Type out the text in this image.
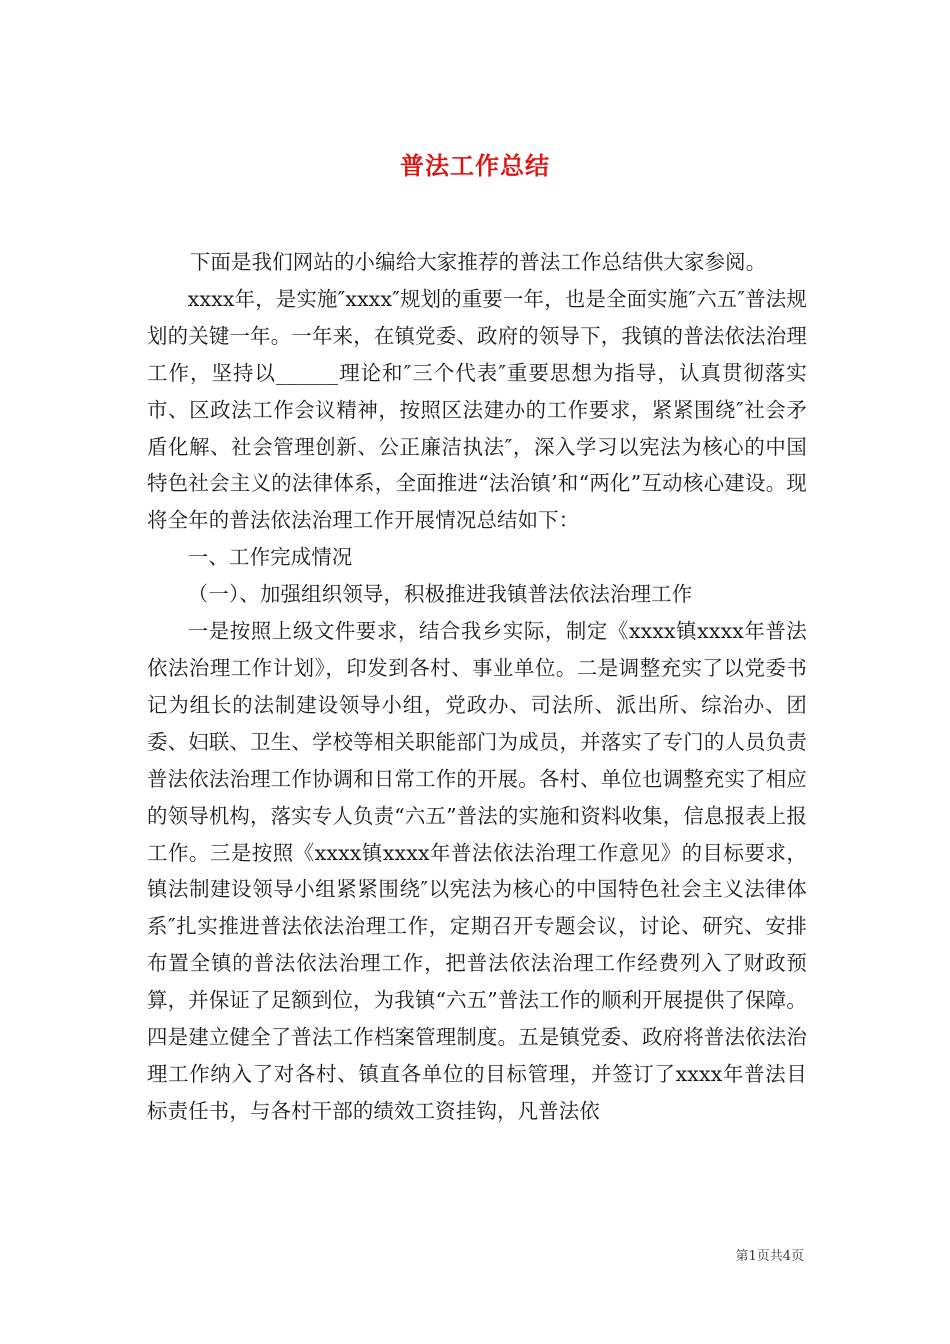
普法工作总结

下面是我们网站的小编给大家推荐的普法工作总结供大家参阅。

xxxx年，是实施″xxxx″规划的重要一年，也是全面实施″六五″普法规划的关键一年。一年来，在镇党委、政府的领导下，我镇的普法依法治理工作，坚持以______理论和″三个代表″重要思想为指导，认真贯彻落实市、区政法工作会议精神，按照区法建办的工作要求，紧紧围绕″社会矛盾化解、社会管理创新、公正廉洁执法″，深入学习以宪法为核心的中国特色社会主义的法律体系，全面推进“法治镇’和“两化”互动核心建设。现将全年的普法依法治理工作开展情况总结如下：

一、工作完成情况

（一）、加强组织领导，积极推进我镇普法依法治理工作

一是按照上级文件要求，结合我乡实际，制定《xxxx镇xxxx年普法依法治理工作计划》，印发到各村、事业单位。二是调整充实了以党委书记为组长的法制建设领导小组，党政办、司法所、派出所、综治办、团委、妇联、卫生、学校等相关职能部门为成员，并落实了专门的人员负责普法依法治理工作协调和日常工作的开展。各村、单位也调整充实了相应的领导机构，落实专人负责“六五”普法的实施和资料收集，信息报表上报工作。三是按照《xxxx镇xxxx年普法依法治理工作意见》的目标要求，镇法制建设领导小组紧紧围绕″以宪法为核心的中国特色社会主义法律体系″扎实推进普法依法治理工作，定期召开专题会议，讨论、研究、安排布置全镇的普法依法治理工作，把普法依法治理工作经费列入了财政预算，并保证了足额到位，为我镇“六五”普法工作的顺利开展提供了保障。四是建立健全了普法工作档案管理制度。五是镇党委、政府将普法依法治理工作纳入了对各村、镇直各单位的目标管理，并签订了xxxx年普法目标责任书，与各村干部的绩效工资挂钩，凡普法依

第1页共4页
